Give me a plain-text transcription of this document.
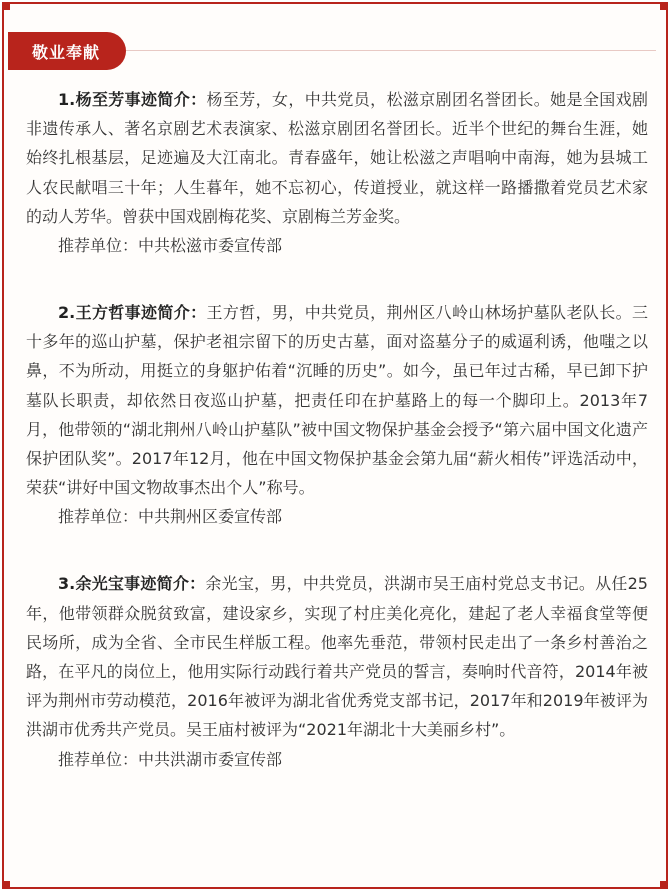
敬业奉献

1.杨至芳事迹简介：杨至芳，女，中共党员，松滋京剧团名誉团长。她是全国戏剧非遗传承人、著名京剧艺术表演家、松滋京剧团名誉团长。近半个世纪的舞台生涯，她始终扎根基层，足迹遍及大江南北。青春盛年，她让松滋之声唱响中南海，她为县城工人农民献唱三十年；人生暮年，她不忘初心，传道授业，就这样一路播撒着党员艺术家的动人芳华。曾获中国戏剧梅花奖、京剧梅兰芳金奖。

推荐单位：中共松滋市委宣传部

2.王方哲事迹简介：王方哲，男，中共党员，荆州区八岭山林场护墓队老队长。三十多年的巡山护墓，保护老祖宗留下的历史古墓，面对盗墓分子的威逼利诱，他嗤之以鼻，不为所动，用挺立的身躯护佑着“沉睡的历史”。如今，虽已年过古稀，早已卸下护墓队长职责，却依然日夜巡山护墓，把责任印在护墓路上的每一个脚印上。2013年7月，他带领的“湖北荆州八岭山护墓队”被中国文物保护基金会授予“第六届中国文化遗产保护团队奖”。2017年12月，他在中国文物保护基金会第九届“薪火相传”评选活动中，荣获“讲好中国文物故事杰出个人”称号。

推荐单位：中共荆州区委宣传部

3.余光宝事迹简介：余光宝，男，中共党员，洪湖市吴王庙村党总支书记。从任25年，他带领群众脱贫致富，建设家乡，实现了村庄美化亮化，建起了老人幸福食堂等便民场所，成为全省、全市民生样版工程。他率先垂范，带领村民走出了一条乡村善治之路，在平凡的岗位上，他用实际行动践行着共产党员的誓言，奏响时代音符，2014年被评为荆州市劳动模范，2016年被评为湖北省优秀党支部书记，2017年和2019年被评为洪湖市优秀共产党员。吴王庙村被评为“2021年湖北十大美丽乡村”。

推荐单位：中共洪湖市委宣传部
